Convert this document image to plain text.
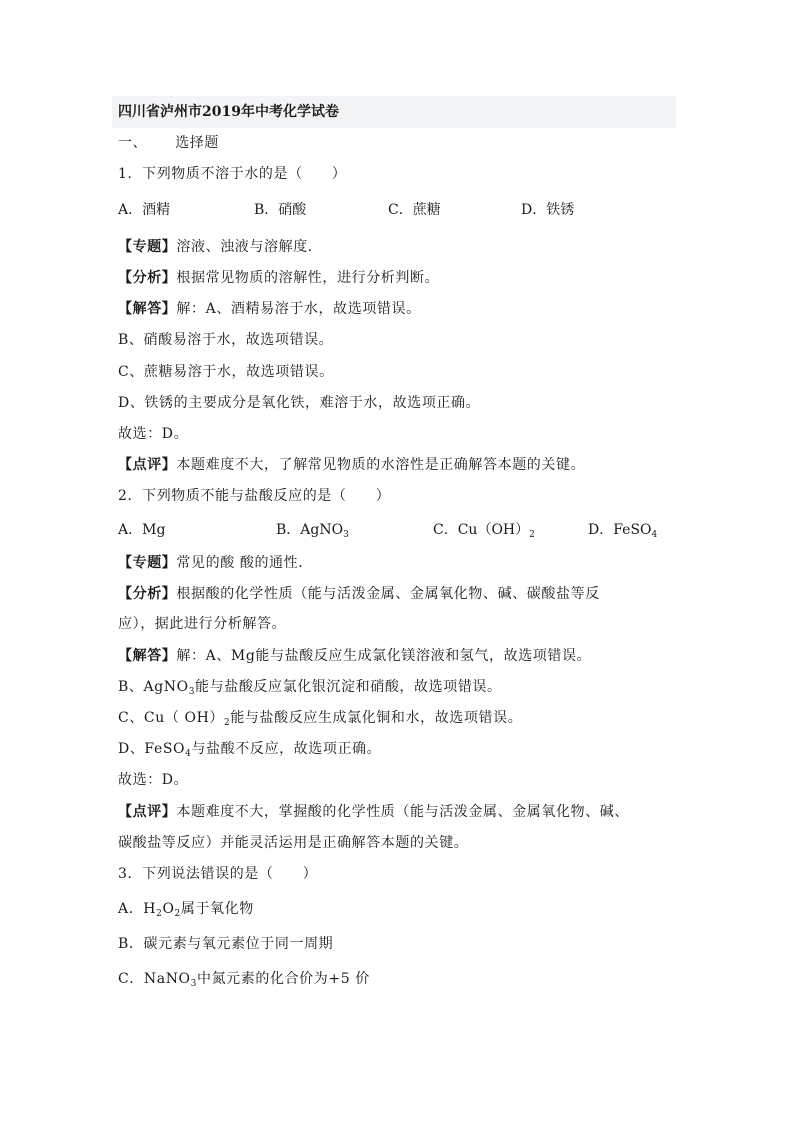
四川省泸州市2019年中考化学试卷
一、 选择题
1．下列物质不溶于水的是（　　）
A．酒精	B．硝酸	C．蔗糖	D．铁锈
【专题】溶液、浊液与溶解度．
【分析】根据常见物质的溶解性，进行分析判断。
【解答】解：A、酒精易溶于水，故选项错误。
B、硝酸易溶于水，故选项错误。
C、蔗糖易溶于水，故选项错误。
D、铁锈的主要成分是氧化铁，难溶于水，故选项正确。
故选：D。
【点评】本题难度不大，了解常见物质的水溶性是正确解答本题的关键。
2．下列物质不能与盐酸反应的是（　　）
A．Mg	B．AgNO$_3$	C．$Cu(OH)_2$	D．FeSO$_4$
【专题】常见的酸 酸的通性．
【分析】根据酸的化学性质（能与活泼金属、金属氧化物、碱、碳酸盐等反
应），据此进行分析解答。
【解答】解：A、Mg能与盐酸反应生成氯化镁溶液和氢气，故选项错误。
B、AgNO$_3$能与盐酸反应氯化银沉淀和硝酸，故选项错误。
C、Cu（ $OH)_2$能与盐酸反应生成氯化铜和水，故选项错误。
D、FeSO$_4$与盐酸不反应，故选项正确。
故选：D。
【点评】本题难度不大，掌握酸的化学性质（能与活泼金属、金属氧化物、碱、
碳酸盐等反应）并能灵活运用是正确解答本题的关键。
3．下列说法错误的是（　　）
A．$H_2O_2$属于氧化物
B．碳元素与氧元素位于同一周期
C．NaNO$_3$中氮元素的化合价为+5 价
